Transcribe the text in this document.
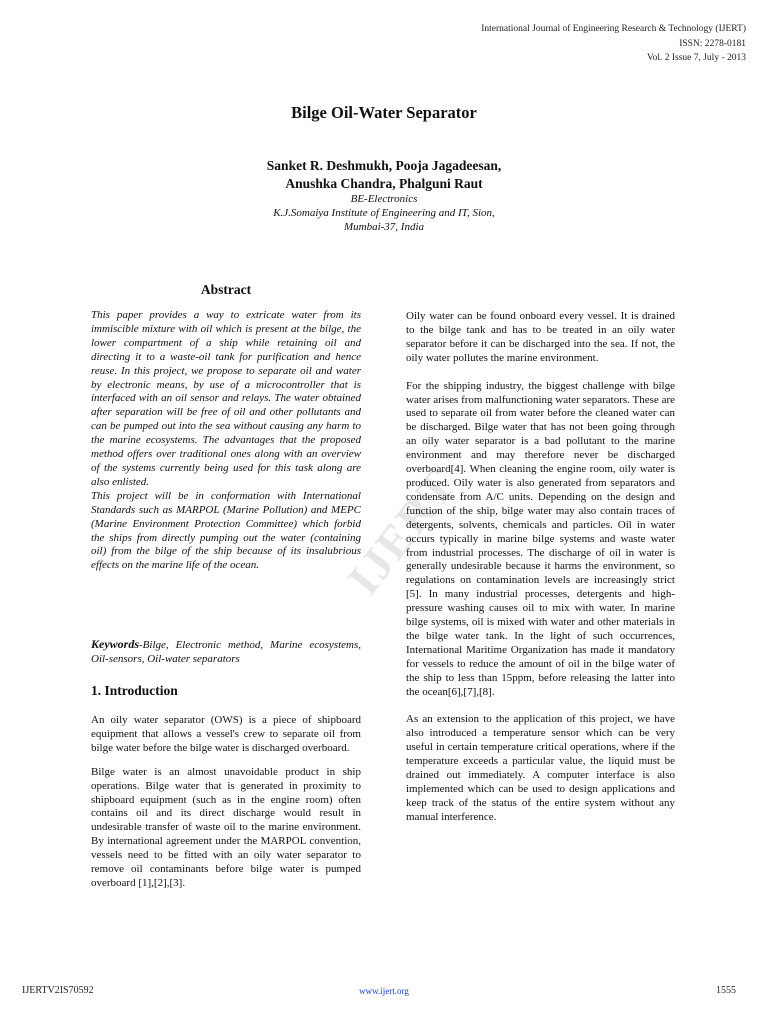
International Journal of Engineering Research & Technology (IJERT)
ISSN: 2278-0181
Vol. 2 Issue 7, July - 2013
Bilge Oil-Water Separator
Sanket R. Deshmukh, Pooja Jagadeesan,
Anushka Chandra, Phalguni Raut
BE-Electronics
K.J.Somaiya Institute of Engineering and IT, Sion,
Mumbai-37, India
IJERT
Abstract

This paper provides a way to extricate water from its immiscible mixture with oil which is present at the bilge, the lower compartment of a ship while retaining oil and directing it to a waste-oil tank for purification and hence reuse. In this project, we propose to separate oil and water by electronic means, by use of a microcontroller that is interfaced with an oil sensor and relays. The water obtained after separation will be free of oil and other pollutants and can be pumped out into the sea without causing any harm to the marine ecosystems. The advantages that the proposed method offers over traditional ones along with an overview of the systems currently being used for this task along are also enlisted.

This project will be in conformation with International Standards such as MARPOL (Marine Pollution) and MEPC (Marine Environment Protection Committee) which forbid the ships from directly pumping out the water (containing oil) from the bilge of the ship because of its insalubrious effects on the marine life of the ocean.

Keywords-Bilge, Electronic method, Marine ecosystems, Oil-sensors, Oil-water separators

1. Introduction

An oily water separator (OWS) is a piece of shipboard equipment that allows a vessel's crew to separate oil from bilge water before the bilge water is discharged overboard.

Bilge water is an almost unavoidable product in ship operations. Bilge water that is generated in proximity to shipboard equipment (such as in the engine room) often contains oil and its direct discharge would result in undesirable transfer of waste oil to the marine environment. By international agreement under the MARPOL convention, vessels need to be fitted with an oily water separator to remove oil contaminants before bilge water is pumped overboard [1],[2],[3].

Oily water can be found onboard every vessel. It is drained to the bilge tank and has to be treated in an oily water separator before it can be discharged into the sea. If not, the oily water pollutes the marine environment.

For the shipping industry, the biggest challenge with bilge water arises from malfunctioning water separators. These are used to separate oil from water before the cleaned water can be discharged. Bilge water that has not been going through an oily water separator is a bad pollutant to the marine environment and may therefore never be discharged overboard[4]. When cleaning the engine room, oily water is produced. Oily water is also generated from separators and condensate from A/C units. Depending on the design and function of the ship, bilge water may also contain traces of detergents, solvents, chemicals and particles. Oil in water occurs typically in marine bilge systems and waste water from industrial processes. The discharge of oil in water is generally undesirable because it harms the environment, so regulations on contamination levels are increasingly strict [5]. In many industrial processes, detergents and high-pressure washing causes oil to mix with water. In marine bilge systems, oil is mixed with water and other materials in the bilge water tank. In the light of such occurrences, International Maritime Organization has made it mandatory for vessels to reduce the amount of oil in the bilge water of the ship to less than 15ppm, before releasing the latter into the ocean[6],[7],[8].

As an extension to the application of this project, we have also introduced a temperature sensor which can be very useful in certain temperature critical operations, where if the temperature exceeds a particular value, the liquid must be drained out immediately. A computer interface is also implemented which can be used to design applications and keep track of the status of the entire system without any manual interference.

IJERTV2IS70592	www.ijert.org	1555
